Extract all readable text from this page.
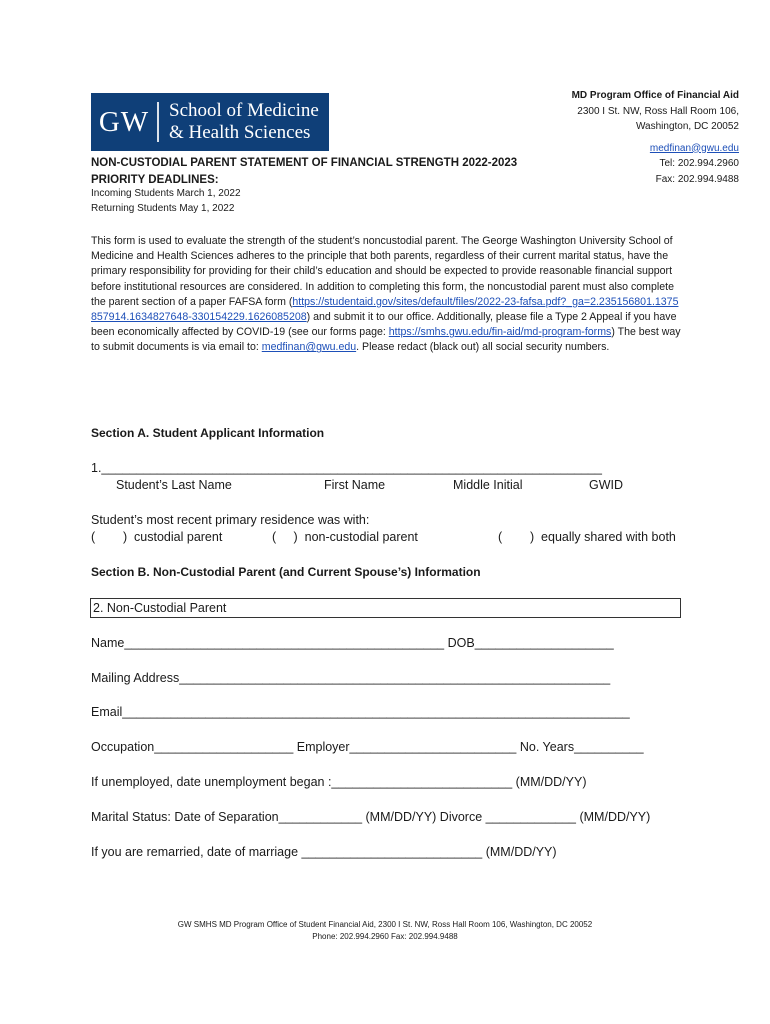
GW	School of Medicine
& Health Sciences
MD Program Office of Financial Aid
2300 I St. NW, Ross Hall Room 106,
Washington, DC 20052
medfinan@gwu.edu
Tel: 202.994.2960
Fax: 202.994.9488
NON-CUSTODIAL PARENT STATEMENT OF FINANCIAL STRENGTH 2022-2023
PRIORITY DEADLINES:
Incoming Students March 1, 2022
Returning Students May 1, 2022
This form is used to evaluate the strength of the student’s noncustodial parent. The George Washington University School of Medicine and Health Sciences adheres to the principle that both parents, regardless of their current marital status, have the primary responsibility for providing for their child’s education and should be expected to provide reasonable financial support before institutional resources are considered. In addition to completing this form, the noncustodial parent must also complete the parent section of a paper FAFSA form (https://studentaid.gov/sites/default/files/2022-23-fafsa.pdf?_ga=2.235156801.1375857914.1634827648-330154229.1626085208) and submit it to our office. Additionally, please file a Type 2 Appeal if you have been economically affected by COVID-19 (see our forms page: https://smhs.gwu.edu/fin-aid/md-program-forms) The best way to submit documents is via email to: medfinan@gwu.edu. Please redact (black out) all social security numbers.
Section A. Student Applicant Information
1.________________________________________________________________________
Student’s Last Name	First Name	Middle Initial	GWID
Student’s most recent primary residence was with:
(        )  custodial parent	(     )  non-custodial parent	(        )  equally shared with both
Section B. Non-Custodial Parent (and Current Spouse’s) Information
2. Non-Custodial Parent
Name______________________________________________ DOB____________________
Mailing Address______________________________________________________________
Email_________________________________________________________________________
Occupation____________________ Employer________________________ No. Years__________
If unemployed, date unemployment began :__________________________ (MM/DD/YY)
Marital Status: Date of Separation____________ (MM/DD/YY) Divorce _____________ (MM/DD/YY)
If you are remarried, date of marriage __________________________ (MM/DD/YY)
GW SMHS MD Program Office of Student Financial Aid, 2300 I St. NW, Ross Hall Room 106, Washington, DC 20052
Phone: 202.994.2960 Fax: 202.994.9488
